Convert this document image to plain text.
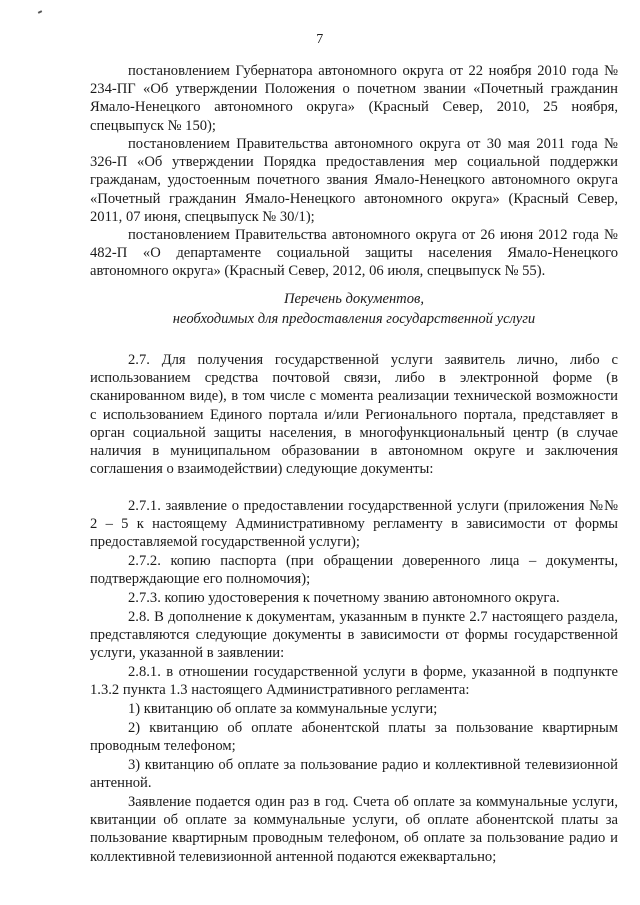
7

постановлением Губернатора автономного округа от 22 ноября 2010 года № 234-ПГ «Об утверждении Положения о почетном звании «Почетный гражданин Ямало-Ненецкого автономного округа» (Красный Север, 2010, 25 ноября, спецвыпуск № 150);

постановлением Правительства автономного округа от 30 мая 2011 года № 326-П «Об утверждении Порядка предоставления мер социальной поддержки гражданам, удостоенным почетного звания Ямало-Ненецкого автономного округа «Почетный гражданин Ямало-Ненецкого автономного округа» (Красный Север, 2011, 07 июня, спецвыпуск № 30/1);

постановлением Правительства автономного округа от 26 июня 2012 года № 482-П «О департаменте социальной защиты населения Ямало-Ненецкого автономного округа» (Красный Север, 2012, 06 июля, спецвыпуск № 55).

Перечень документов,
необходимых для предоставления государственной услуги

2.7. Для получения государственной услуги заявитель лично, либо с использованием средства почтовой связи, либо в электронной форме (в сканированном виде), в том числе с момента реализации технической возможности с использованием Единого портала и/или Регионального портала, представляет в орган социальной защиты населения, в многофункциональный центр (в случае наличия в муниципальном образовании в автономном округе и заключения соглашения о взаимодействии) следующие документы:

2.7.1. заявление о предоставлении государственной услуги (приложения №№ 2 – 5 к настоящему Административному регламенту в зависимости от формы предоставляемой государственной услуги);

2.7.2. копию паспорта (при обращении доверенного лица – документы, подтверждающие его полномочия);

2.7.3. копию удостоверения к почетному званию автономного округа.

2.8. В дополнение к документам, указанным в пункте 2.7 настоящего раздела, представляются следующие документы в зависимости от формы государственной услуги, указанной в заявлении:

2.8.1. в отношении государственной услуги в форме, указанной в подпункте 1.3.2 пункта 1.3 настоящего Административного регламента:

1) квитанцию об оплате за коммунальные услуги;

2) квитанцию об оплате абонентской платы за пользование квартирным проводным телефоном;

3) квитанцию об оплате за пользование радио и коллективной телевизионной антенной.

Заявление подается один раз в год. Счета об оплате за коммунальные услуги, квитанции об оплате за коммунальные услуги, об оплате абонентской платы за пользование квартирным проводным телефоном, об оплате за пользование радио и коллективной телевизионной антенной подаются ежеквартально;
